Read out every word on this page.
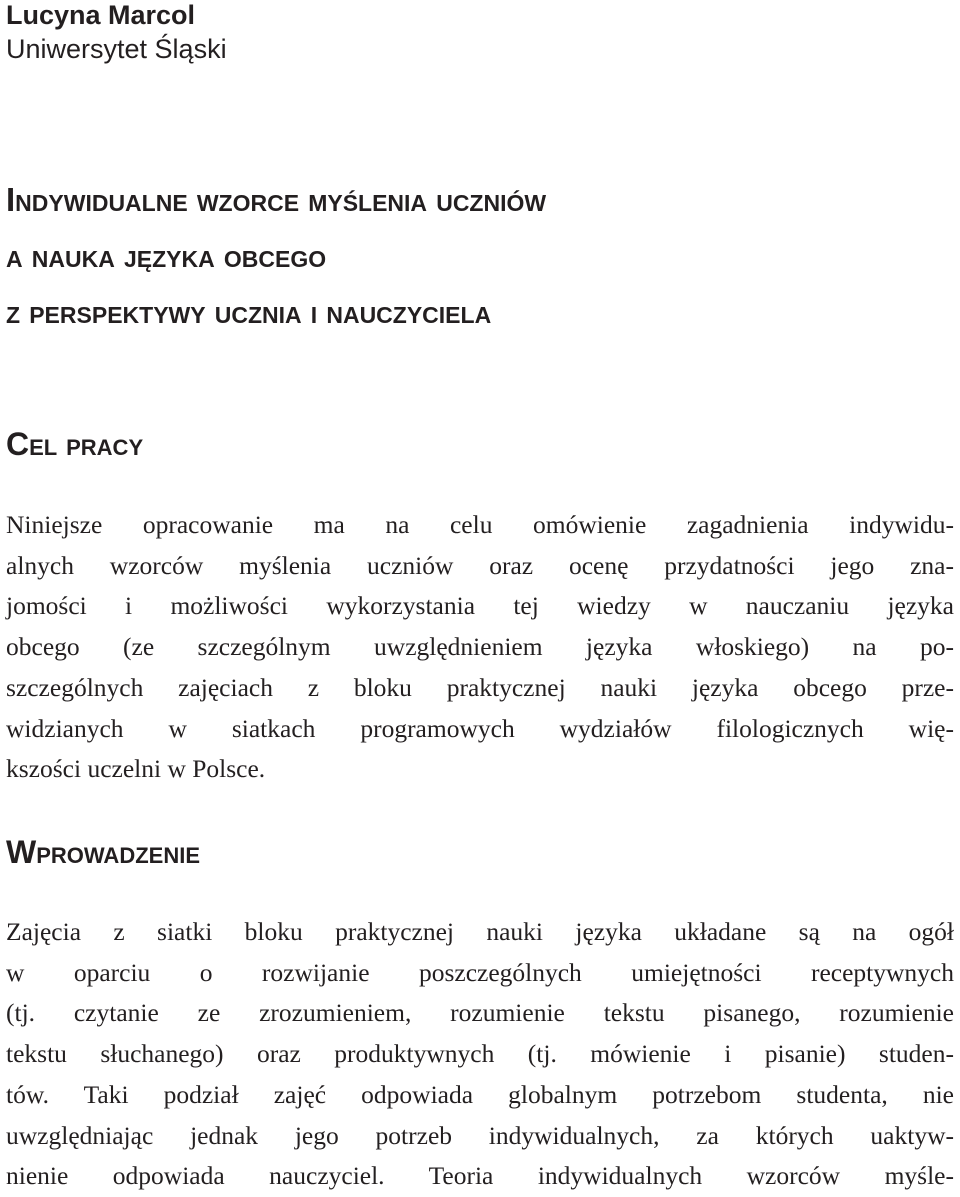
Lucyna Marcol
Uniwersytet Śląski
Indywidualne wzorce myślenia uczniów
a nauka języka obcego
z perspektywy ucznia i nauczyciela
Cel pracy
Niniejsze opracowanie ma na celu omówienie zagadnienia indywidu-
alnych wzorców myślenia uczniów oraz ocenę przydatności jego zna-
jomości i możliwości wykorzystania tej wiedzy w nauczaniu języka
obcego (ze szczególnym uwzględnieniem języka włoskiego) na po-
szczególnych zajęciach z bloku praktycznej nauki języka obcego prze-
widzianych w siatkach programowych wydziałów filologicznych wię-
kszości uczelni w Polsce.
Wprowadzenie
Zajęcia z siatki bloku praktycznej nauki języka układane są na ogół
w oparciu o rozwijanie poszczególnych umiejętności receptywnych
(tj. czytanie ze zrozumieniem, rozumienie tekstu pisanego, rozumienie
tekstu słuchanego) oraz produktywnych (tj. mówienie i pisanie) studen-
tów. Taki podział zajęć odpowiada globalnym potrzebom studenta, nie
uwzględniając jednak jego potrzeb indywidualnych, za których uaktyw-
nienie odpowiada nauczyciel. Teoria indywidualnych wzorców myśle-
